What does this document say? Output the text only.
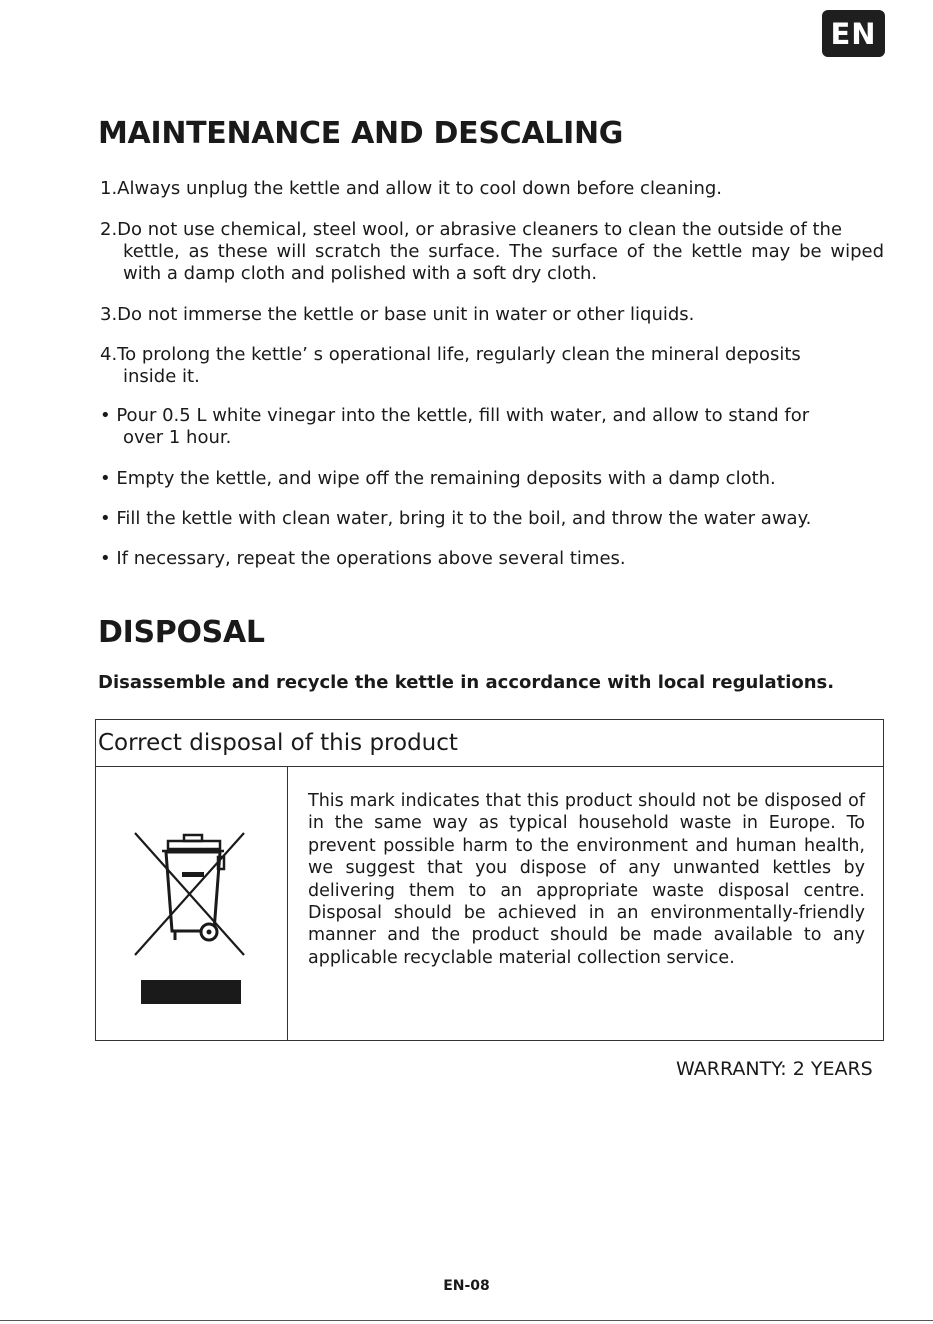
EN
MAINTENANCE AND DESCALING

1.Always unplug the kettle and allow it to cool down before cleaning.

2.Do not use chemical, steel wool, or abrasive cleaners to clean the outside of the
kettle, as these will scratch the surface. The surface of the kettle may be wiped with a damp cloth and polished with a soft dry cloth.

3.Do not immerse the kettle or base unit in water or other liquids.

4.To prolong the kettle’ s operational life, regularly clean the mineral deposits
inside it.

• Pour 0.5 L white vinegar into the kettle, fill with water, and allow to stand for
over 1 hour.

• Empty the kettle, and wipe off the remaining deposits with a damp cloth.

• Fill the kettle with clean water, bring it to the boil, and throw the water away.

• If necessary, repeat the operations above several times.

DISPOSAL

Disassemble and recycle the kettle in accordance with local regulations.

Correct disposal of this product

This mark indicates that this product should not be disposed of in the same way as typical household waste in Europe. To prevent possible harm to the environment and human health, we suggest that you dispose of any unwanted kettles by delivering them to an appropriate waste disposal centre. Disposal should be achieved in an environmentally-friendly manner and the product should be made available to any applicable recyclable material collection service.

WARRANTY: 2 YEARS
EN-08
